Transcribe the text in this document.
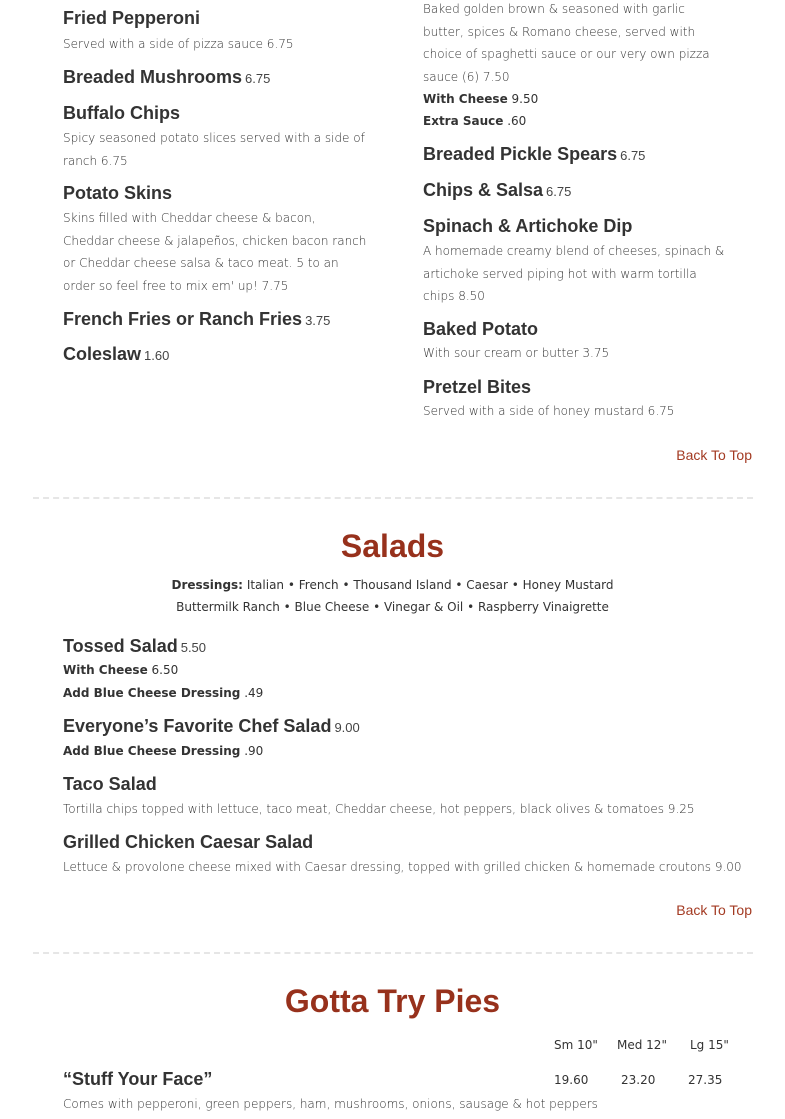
Fried Pepperoni
Served with a side of pizza sauce 6.75
Breaded Mushrooms 6.75
Buffalo Chips
Spicy seasoned potato slices served with a side of ranch 6.75
Potato Skins
Skins filled with Cheddar cheese & bacon, Cheddar cheese & jalapeños, chicken bacon ranch or Cheddar cheese salsa & taco meat. 5 to an order so feel free to mix em' up! 7.75
French Fries or Ranch Fries 3.75
Coleslaw 1.60
Baked golden brown & seasoned with garlic butter, spices & Romano cheese, served with choice of spaghetti sauce or our very own pizza sauce (6) 7.50
With Cheese 9.50
Extra Sauce .60
Breaded Pickle Spears 6.75
Chips & Salsa 6.75
Spinach & Artichoke Dip
A homemade creamy blend of cheeses, spinach & artichoke served piping hot with warm tortilla chips 8.50
Baked Potato
With sour cream or butter 3.75
Pretzel Bites
Served with a side of honey mustard 6.75
Back To Top
Salads
Dressings: Italian • French • Thousand Island • Caesar • Honey Mustard
Buttermilk Ranch • Blue Cheese • Vinegar & Oil • Raspberry Vinaigrette
Tossed Salad 5.50
With Cheese 6.50
Add Blue Cheese Dressing .49
Everyone’s Favorite Chef Salad 9.00
Add Blue Cheese Dressing .90
Taco Salad
Tortilla chips topped with lettuce, taco meat, Cheddar cheese, hot peppers, black olives & tomatoes 9.25
Grilled Chicken Caesar Salad
Lettuce & provolone cheese mixed with Caesar dressing, topped with grilled chicken & homemade croutons 9.00
Back To Top
Gotta Try Pies
Sm 10" Med 12" Lg 15"
“Stuff Your Face”	19.60	23.20	27.35
Comes with pepperoni, green peppers, ham, mushrooms, onions, sausage & hot peppers
